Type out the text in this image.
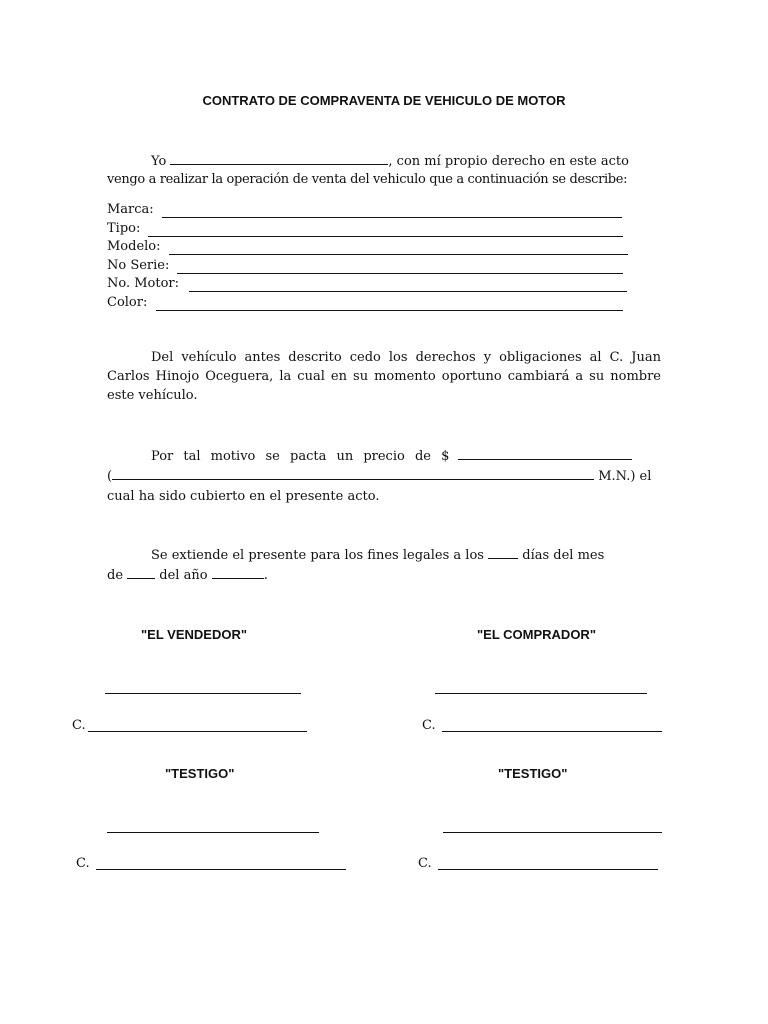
CONTRATO DE COMPRAVENTA DE VEHICULO DE MOTOR
Yo	, con mí propio derecho en este acto
vengo a realizar la operación de venta del vehiculo que a continuación se describe:
Marca:
Tipo:
Modelo:
No Serie:
No. Motor:
Color:
Del vehículo antes descrito cedo los derechos y obligaciones al C. Juan Carlos Hinojo Oceguera, la cual en su momento oportuno cambiará a su nombre este vehículo.
Por tal motivo se pacta un precio de $
(	M.N.) el
cual ha sido cubierto en el presente acto.
Se extiende el presente para los fines legales a los	días del mes
de	del año	.
"EL VENDEDOR"	"EL COMPRADOR"
C.	C.
"TESTIGO"	"TESTIGO"
C.	C.
